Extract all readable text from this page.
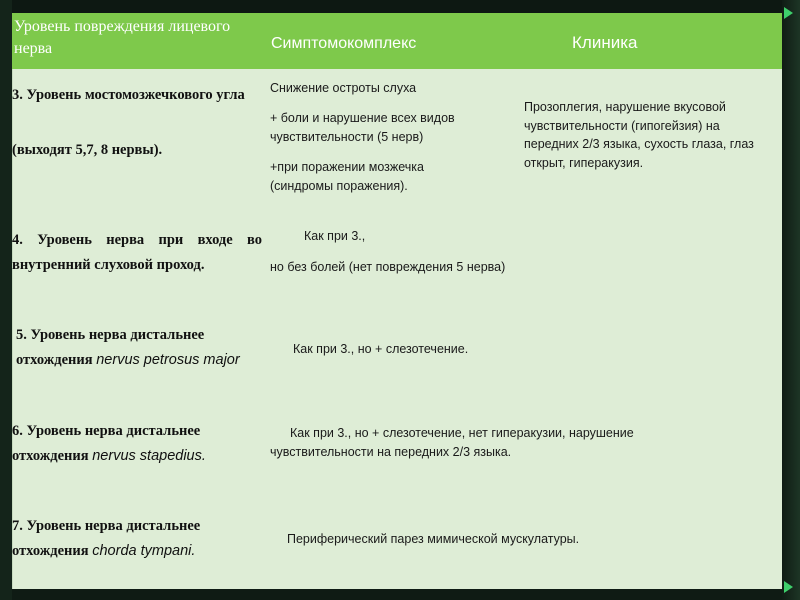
Уровень повреждения лицевого нерва	Симптомокомплекс	Клиника
3. Уровень мостомозжечкового угла
(выходят 5,7, 8 нервы).
Снижение остроты слуха
+ боли и нарушение всех видов чувствительности (5 нерв)
+при поражении мозжечка (синдромы поражения).
Прозоплегия, нарушение вкусовой чувствительности (гипогейзия) на передних 2/3 языка, сухость глаза, глаз открыт, гиперакузия.
4. Уровень нерва при входе во внутренний слуховой проход.
Как при 3.,
но без болей (нет повреждения 5 нерва)
5. Уровень нерва дистальнее отхождения nervus petrosus major
Как при 3., но + слезотечение.
6. Уровень нерва дистальнее отхождения nervus stapedius.
Как при 3., но + слезотечение, нет гиперакузии, нарушение чувствительности на передних 2/3 языка.
7. Уровень нерва дистальнее отхождения chorda tympani.
Периферический парез мимической мускулатуры.
